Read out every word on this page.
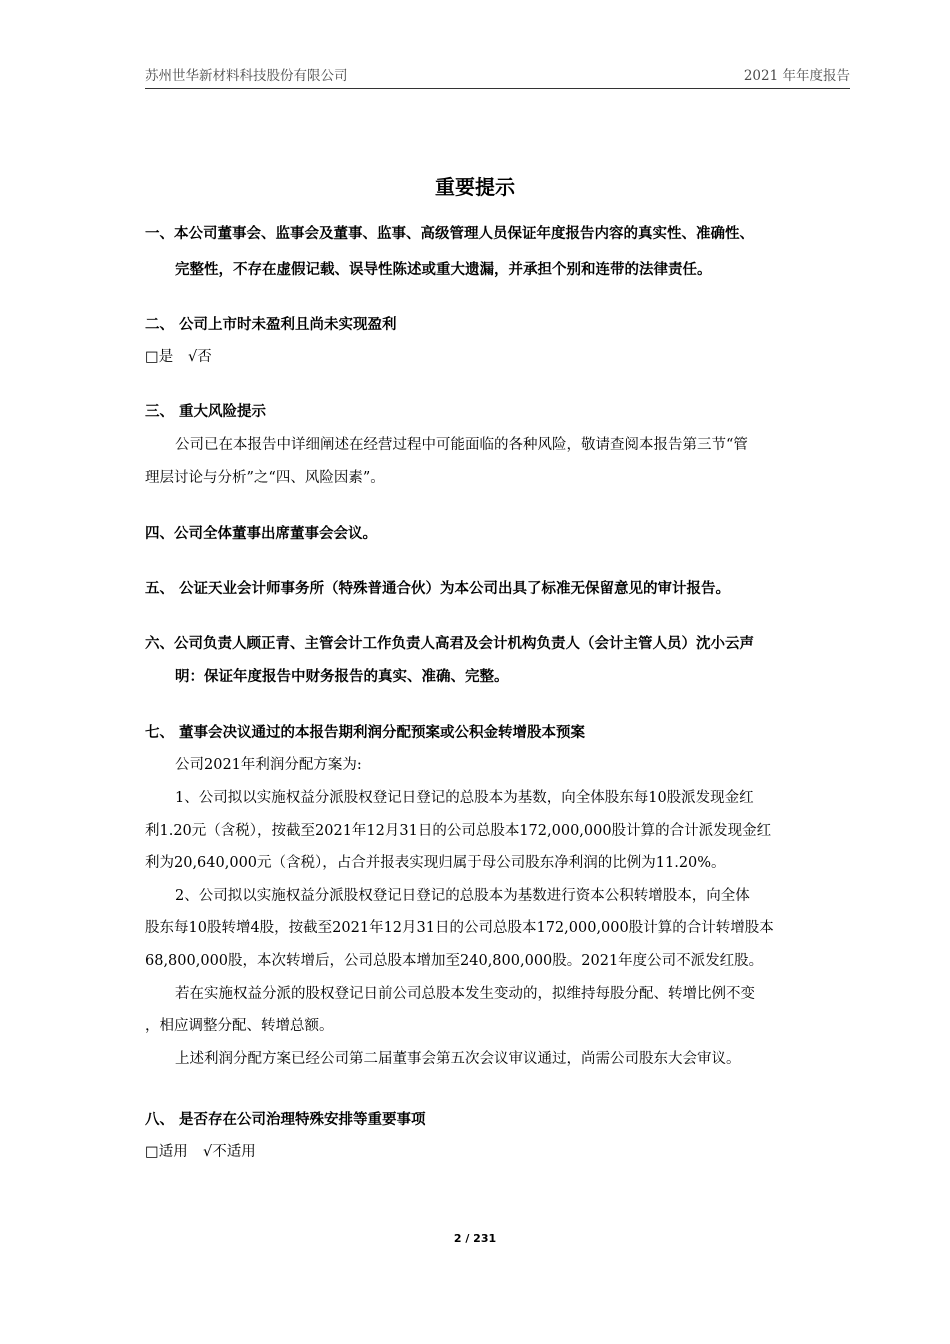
苏州世华新材料科技股份有限公司	2021 年年度报告
重要提示
一、本公司董事会、监事会及董事、监事、高级管理人员保证年度报告内容的真实性、准确性、
完整性，不存在虚假记载、误导性陈述或重大遗漏，并承担个别和连带的法律责任。
二、 公司上市时未盈利且尚未实现盈利
□是 √否
三、 重大风险提示
公司已在本报告中详细阐述在经营过程中可能面临的各种风险，敬请查阅本报告第三节“管
理层讨论与分析”之“四、风险因素”。
四、公司全体董事出席董事会会议。
五、 公证天业会计师事务所（特殊普通合伙）为本公司出具了标准无保留意见的审计报告。
六、公司负责人顾正青、主管会计工作负责人高君及会计机构负责人（会计主管人员）沈小云声
明：保证年度报告中财务报告的真实、准确、完整。
七、 董事会决议通过的本报告期利润分配预案或公积金转增股本预案
公司2021年利润分配方案为:
1、公司拟以实施权益分派股权登记日登记的总股本为基数，向全体股东每10股派发现金红
利1.20元（含税），按截至2021年12月31日的公司总股本172,000,000股计算的合计派发现金红
利为20,640,000元（含税），占合并报表实现归属于母公司股东净利润的比例为11.20%。
2、公司拟以实施权益分派股权登记日登记的总股本为基数进行资本公积转增股本，向全体
股东每10股转增4股，按截至2021年12月31日的公司总股本172,000,000股计算的合计转增股本
68,800,000股，本次转增后，公司总股本增加至240,800,000股。2021年度公司不派发红股。
若在实施权益分派的股权登记日前公司总股本发生变动的，拟维持每股分配、转增比例不变
，相应调整分配、转增总额。
上述利润分配方案已经公司第二届董事会第五次会议审议通过，尚需公司股东大会审议。
八、 是否存在公司治理特殊安排等重要事项
□适用 √不适用
2 / 231
